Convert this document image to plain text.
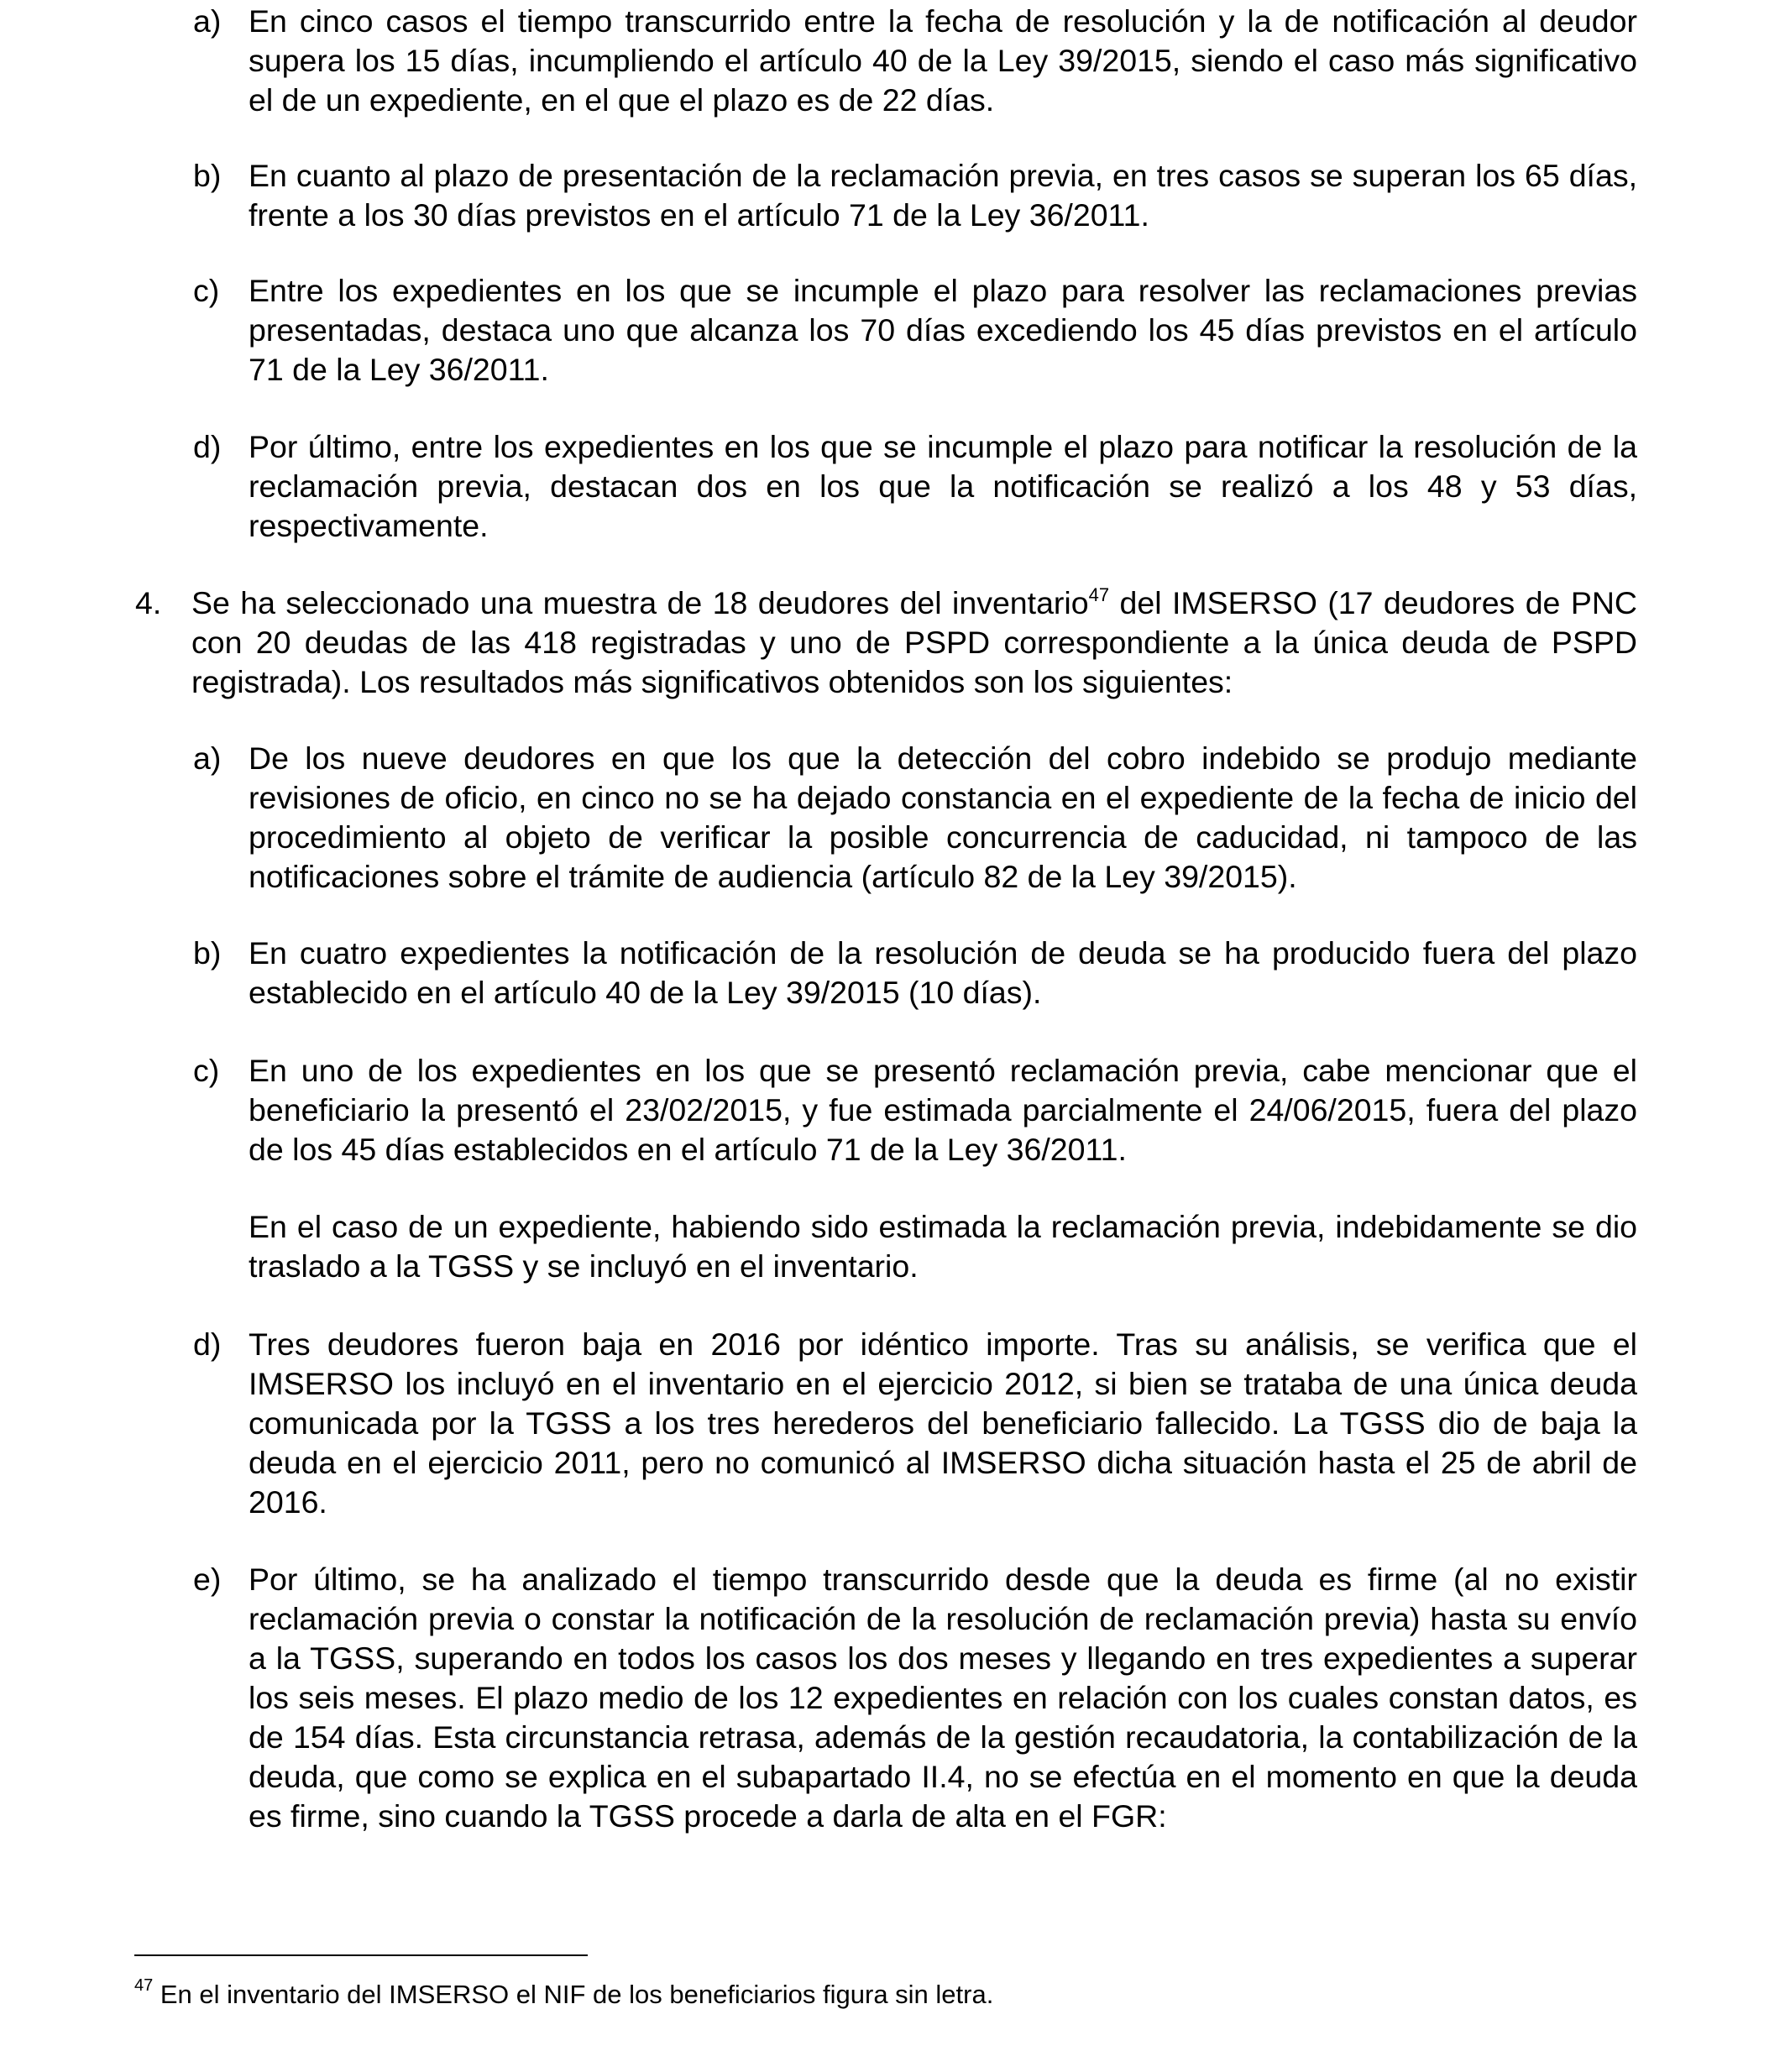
a) En cinco casos el tiempo transcurrido entre la fecha de resolución y la de notificación al deudor supera los 15 días, incumpliendo el artículo 40 de la Ley 39/2015, siendo el caso más significativo el de un expediente, en el que el plazo es de 22 días.
b) En cuanto al plazo de presentación de la reclamación previa, en tres casos se superan los 65 días, frente a los 30 días previstos en el artículo 71 de la Ley 36/2011.
c) Entre los expedientes en los que se incumple el plazo para resolver las reclamaciones previas presentadas, destaca uno que alcanza los 70 días excediendo los 45 días previstos en el artículo 71 de la Ley 36/2011.
d) Por último, entre los expedientes en los que se incumple el plazo para notificar la resolución de la reclamación previa, destacan dos en los que la notificación se realizó a los 48 y 53 días, respectivamente.
4. Se ha seleccionado una muestra de 18 deudores del inventario$^{47}$ del IMSERSO (17 deudores de PNC con 20 deudas de las 418 registradas y uno de PSPD correspondiente a la única deuda de PSPD registrada). Los resultados más significativos obtenidos son los siguientes:
a) De los nueve deudores en que los que la detección del cobro indebido se produjo mediante revisiones de oficio, en cinco no se ha dejado constancia en el expediente de la fecha de inicio del procedimiento al objeto de verificar la posible concurrencia de caducidad, ni tampoco de las notificaciones sobre el trámite de audiencia (artículo 82 de la Ley 39/2015).
b) En cuatro expedientes la notificación de la resolución de deuda se ha producido fuera del plazo establecido en el artículo 40 de la Ley 39/2015 (10 días).
c) En uno de los expedientes en los que se presentó reclamación previa, cabe mencionar que el beneficiario la presentó el 23/02/2015, y fue estimada parcialmente el 24/06/2015, fuera del plazo de los 45 días establecidos en el artículo 71 de la Ley 36/2011.

En el caso de un expediente, habiendo sido estimada la reclamación previa, indebidamente se dio traslado a la TGSS y se incluyó en el inventario.

d) Tres deudores fueron baja en 2016 por idéntico importe. Tras su análisis, se verifica que el IMSERSO los incluyó en el inventario en el ejercicio 2012, si bien se trataba de una única deuda comunicada por la TGSS a los tres herederos del beneficiario fallecido. La TGSS dio de baja la deuda en el ejercicio 2011, pero no comunicó al IMSERSO dicha situación hasta el 25 de abril de 2016.
e) Por último, se ha analizado el tiempo transcurrido desde que la deuda es firme (al no existir reclamación previa o constar la notificación de la resolución de reclamación previa) hasta su envío a la TGSS, superando en todos los casos los dos meses y llegando en tres expedientes a superar los seis meses. El plazo medio de los 12 expedientes en relación con los cuales constan datos, es de 154 días. Esta circunstancia retrasa, además de la gestión recaudatoria, la contabilización de la deuda, que como se explica en el subapartado II.4, no se efectúa en el momento en que la deuda es firme, sino cuando la TGSS procede a darla de alta en el FGR:

$^{47}$ En el inventario del IMSERSO el NIF de los beneficiarios figura sin letra.
